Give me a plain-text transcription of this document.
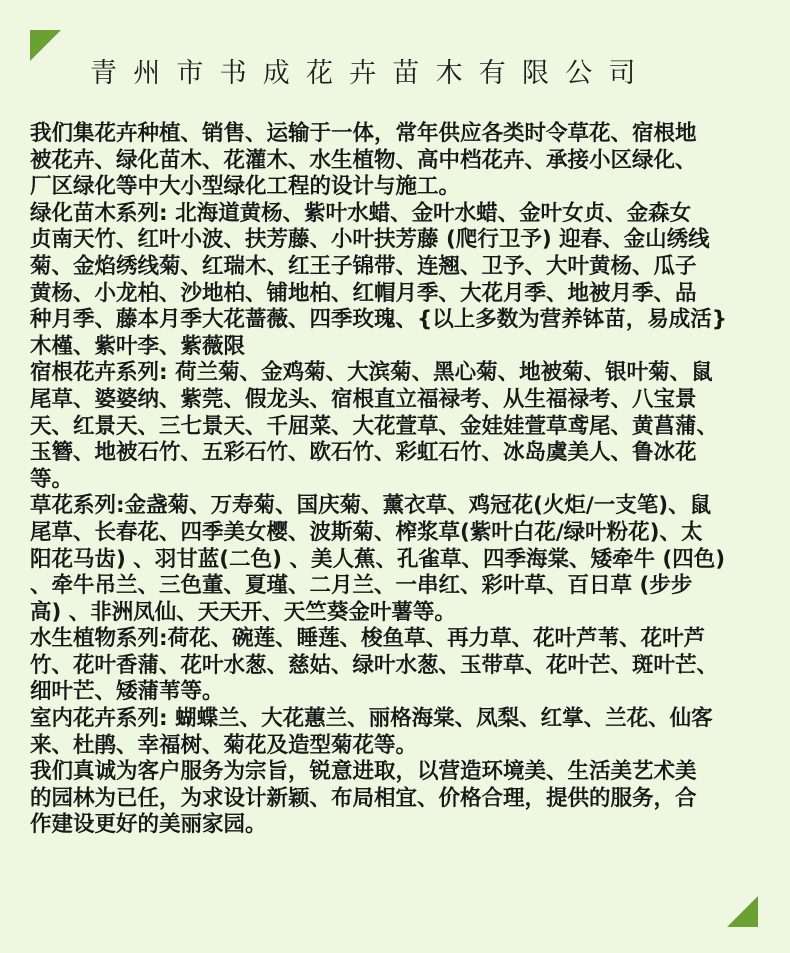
青州市书成花卉苗木有限公司

我们集花卉种植、销售、运输于一体，常年供应各类时令草花、宿根地

被花卉、绿化苗木、花灌木、水生植物、高中档花卉、承接小区绿化、

厂区绿化等中大小型绿化工程的设计与施工。

绿化苗木系列: 北海道黄杨、紫叶水蜡、金叶水蜡、金叶女贞、金森女

贞南天竹、红叶小波、扶芳藤、小叶扶芳藤 (爬行卫予) 迎春、金山绣线

菊、金焰绣线菊、红瑞木、红王子锦带、连翘、卫予、大叶黄杨、瓜子

黄杨、小龙柏、沙地柏、铺地柏、红帽月季、大花月季、地被月季、品

种月季、藤本月季大花蔷薇、四季玫瑰、{以上多数为营养钵苗，易成活}

木槿、紫叶李、紫薇限

宿根花卉系列: 荷兰菊、金鸡菊、大滨菊、黑心菊、地被菊、银叶菊、鼠

尾草、婆婆纳、紫莞、假龙头、宿根直立福禄考、从生福禄考、八宝景

天、红景天、三七景天、千屈菜、大花萱草、金娃娃萱草鸢尾、黄菖蒲、

玉簪、地被石竹、五彩石竹、欧石竹、彩虹石竹、冰岛虞美人、鲁冰花

等。

草花系列:金盏菊、万寿菊、国庆菊、薰衣草、鸡冠花(火炬/一支笔)、鼠

尾草、长春花、四季美女樱、波斯菊、榨浆草(紫叶白花/绿叶粉花)、太

阳花马齿) 、羽甘蓝(二色) 、美人蕉、孔雀草、四季海棠、矮牵牛 (四色)

、牵牛吊兰、三色董、夏瑾、二月兰、一串红、彩叶草、百日草 (步步

高) 、非洲凤仙、天天开、天竺葵金叶薯等。

水生植物系列:荷花、碗莲、睡莲、梭鱼草、再力草、花叶芦苇、花叶芦

竹、花叶香蒲、花叶水葱、慈姑、绿叶水葱、玉带草、花叶芒、斑叶芒、

细叶芒、矮蒲苇等。

室内花卉系列: 蝴蝶兰、大花蕙兰、丽格海棠、凤梨、红掌、兰花、仙客

来、杜鹃、幸福树、菊花及造型菊花等。

我们真诚为客户服务为宗旨，锐意进取，以营造环境美、生活美艺术美

的园林为已任，为求设计新颖、布局相宜、价格合理，提供的服务，合

作建设更好的美丽家园。
